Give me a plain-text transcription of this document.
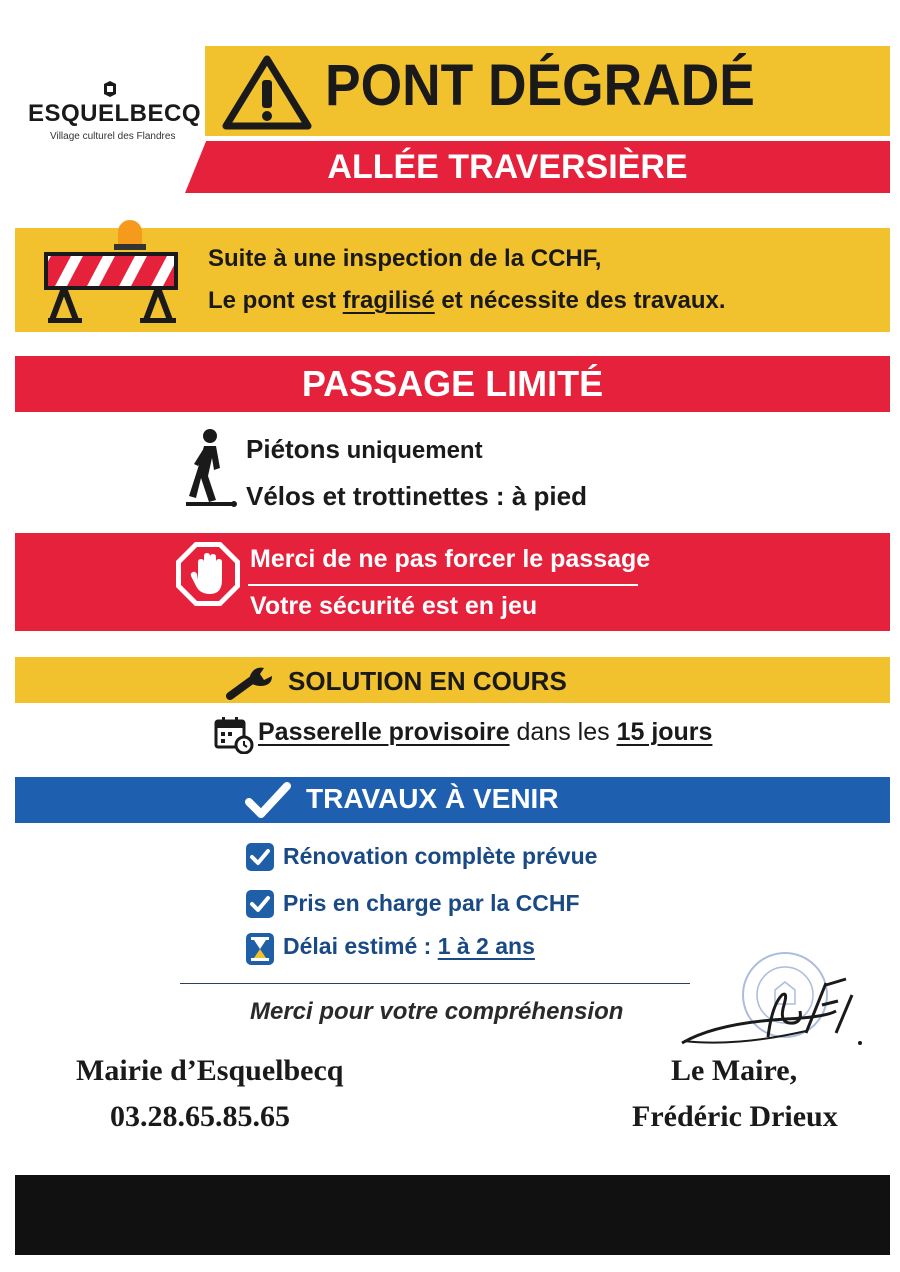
ESQUELBECQ
Village culturel des Flandres
PONT DÉGRADÉ
ALLÉE TRAVERSIÈRE
Suite à une inspection de la CCHF,
Le pont est fragilisé et nécessite des travaux.
PASSAGE LIMITÉ
Piétons uniquement
Vélos et trottinettes : à pied
Merci de ne pas forcer le passage
Votre sécurité est en jeu
SOLUTION EN COURS
Passerelle provisoire dans les 15 jours
TRAVAUX À VENIR
Rénovation complète prévue
Pris en charge par la CCHF
Délai estimé : 1 à 2 ans
Merci pour votre compréhension
Mairie d’Esquelbecq
03.28.65.85.65
Le Maire,
Frédéric Drieux
